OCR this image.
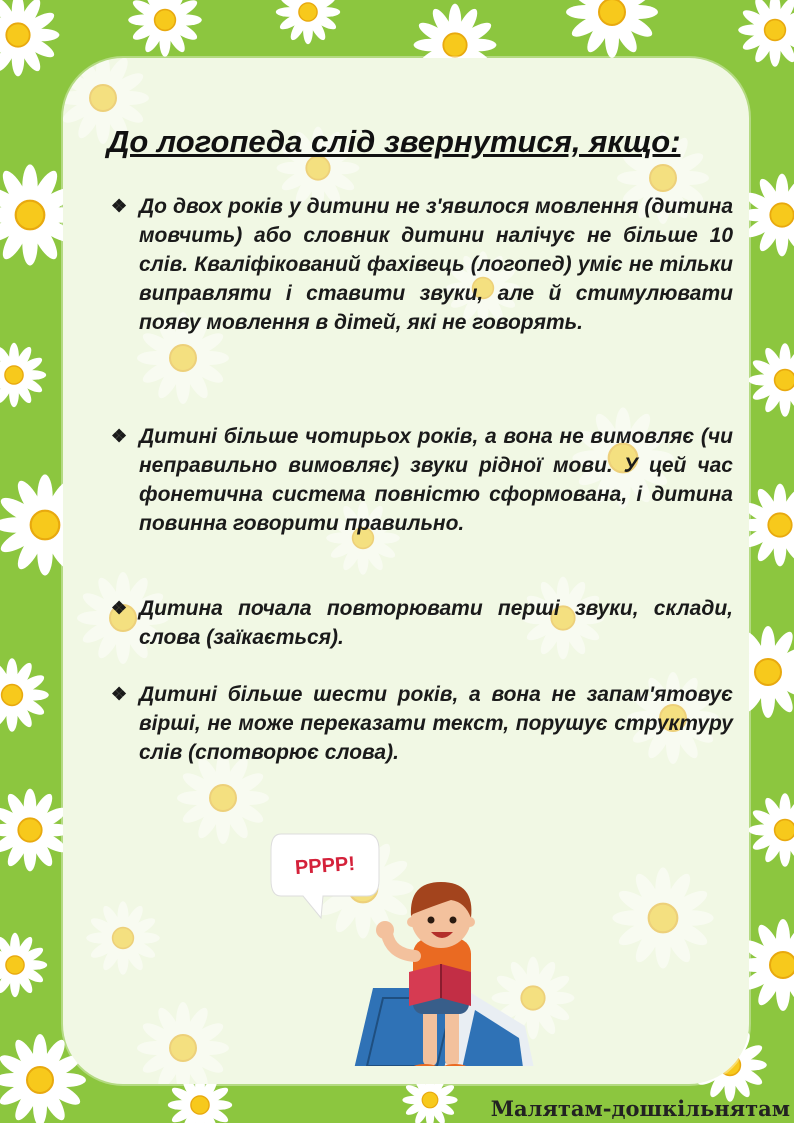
До логопеда слід звернутися, якщо:

❖ До двох років у дитини не з'явилося мовлення (дитина мовчить) або словник дитини налічує не більше 10 слів. Кваліфікований фахівець (логопед) уміє не тільки виправляти і ставити звуки, але й стимулювати появу мовлення в дітей, які не говорять.

❖ Дитині більше чотирьох років, а вона не вимовляє (чи неправильно вимовляє) звуки рідної мови. У цей час фонетична система повністю сформована, і дитина повинна говорити правильно.

❖ Дитина почала повторювати перші звуки, склади, слова (заїкається).

❖ Дитині більше шести років, а вона не запам'ятовує вірші, не може переказати текст, порушує структуру слів (спотворює слова).

РРРР!
Малятам-дошкільнятам
